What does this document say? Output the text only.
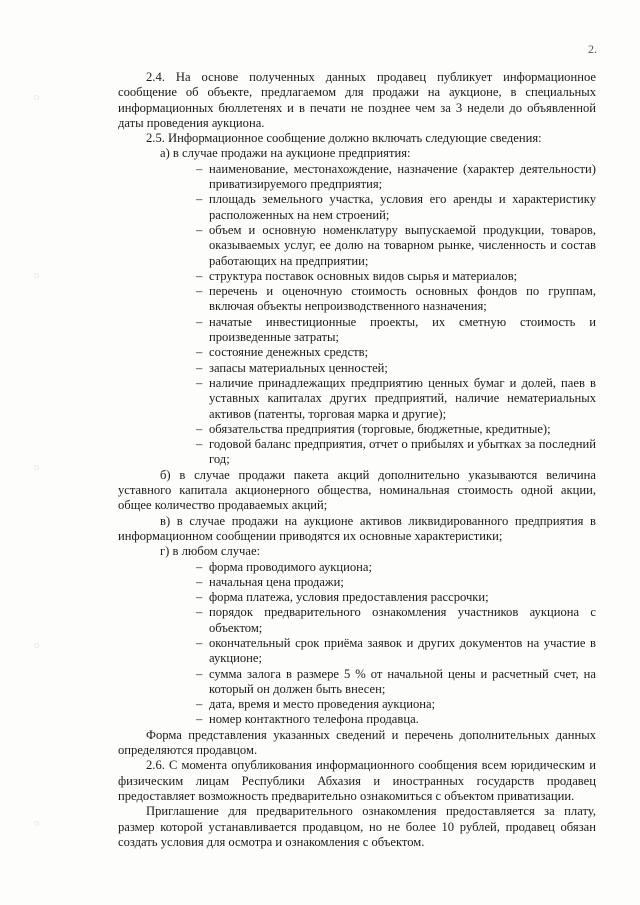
2.
◌
◌
◌
◌
◌

2.4. На основе полученных данных продавец публикует информационное сообщение об объекте, предлагаемом для продажи на аукционе, в специальных информационных бюллетенях и в печати не позднее чем за 3 недели до объявленной даты проведения аукциона.

2.5. Информационное сообщение должно включать следующие сведения:

а) в случае продажи на аукционе предприятия:

– наименование, местонахождение, назначение (характер деятельности) приватизируемого предприятия;
– площадь земельного участка, условия его аренды и характеристику расположенных на нем строений;
– объем и основную номенклатуру выпускаемой продукции, товаров, оказываемых услуг, ее долю на товарном рынке, численность и состав работающих на предприятии;
– структура поставок основных видов сырья и материалов;
– перечень и оценочную стоимость основных фондов по группам, включая объекты непроизводственного назначения;
– начатые инвестиционные проекты, их сметную стоимость и произведенные затраты;
– состояние денежных средств;
– запасы материальных ценностей;
– наличие принадлежащих предприятию ценных бумаг и долей, паев в уставных капиталах других предприятий, наличие нематериальных активов (патенты, торговая марка и другие);
– обязательства предприятия (торговые, бюджетные, кредитные);
– годовой баланс предприятия, отчет о прибылях и убытках за последний год;

б) в случае продажи пакета акций дополнительно указываются величина уставного капитала акционерного общества, номинальная стоимость одной акции, общее количество продаваемых акций;

в) в случае продажи на аукционе активов ликвидированного предприятия в информационном сообщении приводятся их основные характеристики;

г) в любом случае:

– форма проводимого аукциона;
– начальная цена продажи;
– форма платежа, условия предоставления рассрочки;
– порядок предварительного ознакомления участников аукциона с объектом;
– окончательный срок приёма заявок и других документов на участие в аукционе;
– сумма залога в размере 5 % от начальной цены и расчетный счет, на который он должен быть внесен;
– дата, время и место проведения аукциона;
– номер контактного телефона продавца.

Форма представления указанных сведений и перечень дополнительных данных определяются продавцом.

2.6. С момента опубликования информационного сообщения всем юридическим и физическим лицам Республики Абхазия и иностранных государств продавец предоставляет возможность предварительно ознакомиться с объектом приватизации.

Приглашение для предварительного ознакомления предоставляется за плату, размер которой устанавливается продавцом, но не более 10 рублей, продавец обязан создать условия для осмотра и ознакомления с объектом.
